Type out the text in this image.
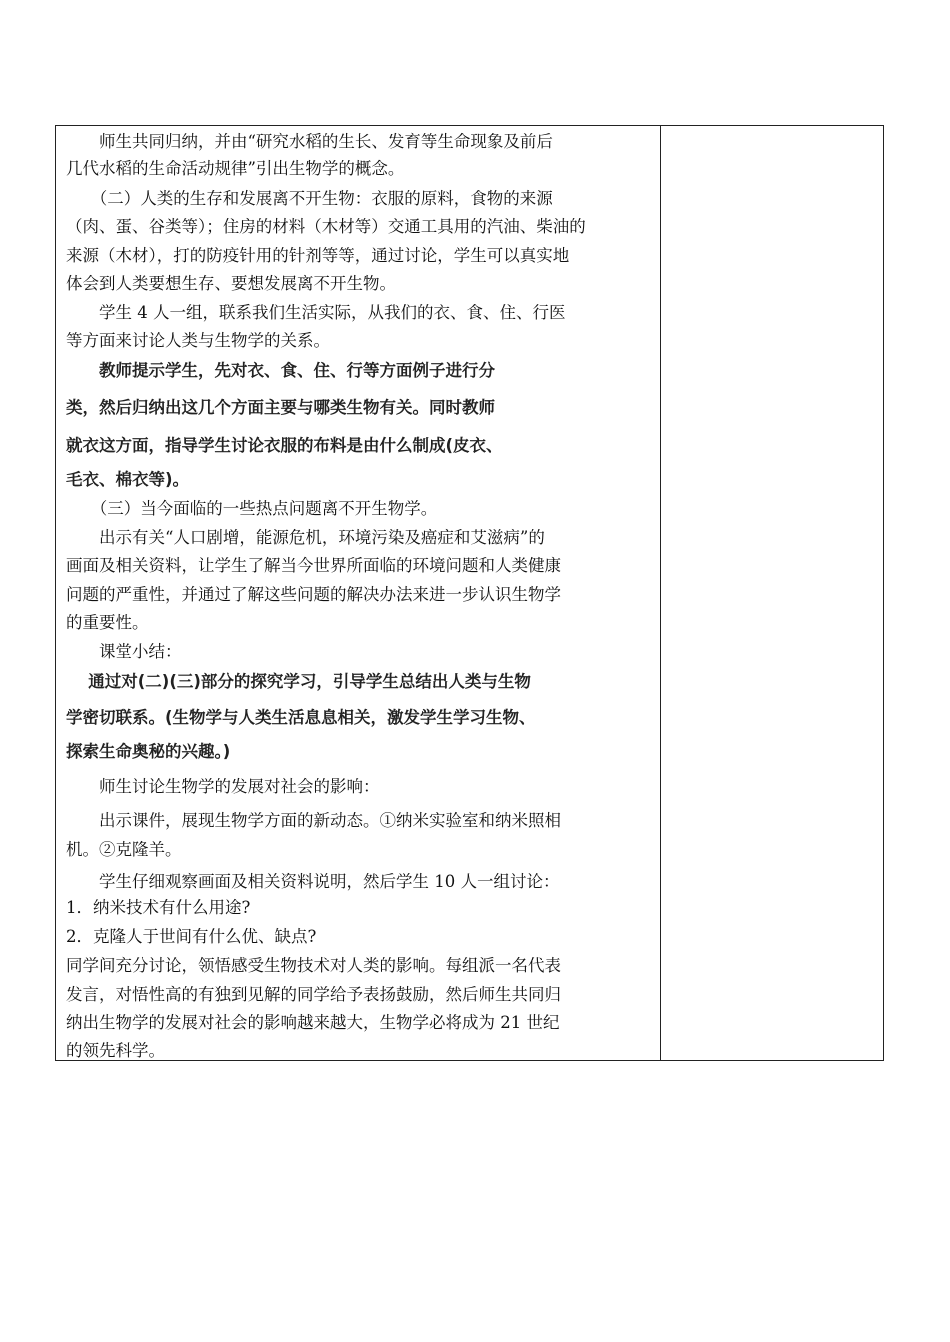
　　师生共同归纳，并由“研究水稻的生长、发育等生命现象及前后
几代水稻的生命活动规律”引出生物学的概念。
　　（二）人类的生存和发展离不开生物：衣服的原料，食物的来源
（肉、蛋、谷类等）；住房的材料（木材等）交通工具用的汽油、柴油的
来源（木材），打的防疫针用的针剂等等，通过讨论，学生可以真实地
体会到人类要想生存、要想发展离不开生物。
　　学生 4 人一组，联系我们生活实际，从我们的衣、食、住、行医
等方面来讨论人类与生物学的关系。
　　教师提示学生，先对衣、食、住、行等方面例子进行分
类，然后归纳出这几个方面主要与哪类生物有关。同时教师
就衣这方面，指导学生讨论衣服的布料是由什么制成(皮衣、
毛衣、棉衣等)。
　　（三）当今面临的一些热点问题离不开生物学。
　　出示有关“人口剧增，能源危机，环境污染及癌症和艾滋病”的
画面及相关资料，让学生了解当今世界所面临的环境问题和人类健康
问题的严重性，并通过了解这些问题的解决办法来进一步认识生物学
的重要性。
　　课堂小结：
　 通过对(二)(三)部分的探究学习，引导学生总结出人类与生物
学密切联系。(生物学与人类生活息息相关，激发学生学习生物、
探索生命奥秘的兴趣。)
　　师生讨论生物学的发展对社会的影响：
　　出示课件，展现生物学方面的新动态。①纳米实验室和纳米照相
机。②克隆羊。
　　学生仔细观察画面及相关资料说明，然后学生 10 人一组讨论：
1．纳米技术有什么用途?
2．克隆人于世间有什么优、缺点?
同学间充分讨论，领悟感受生物技术对人类的影响。每组派一名代表
发言，对悟性高的有独到见解的同学给予表扬鼓励，然后师生共同归
纳出生物学的发展对社会的影响越来越大，生物学必将成为 21 世纪
的领先科学。
